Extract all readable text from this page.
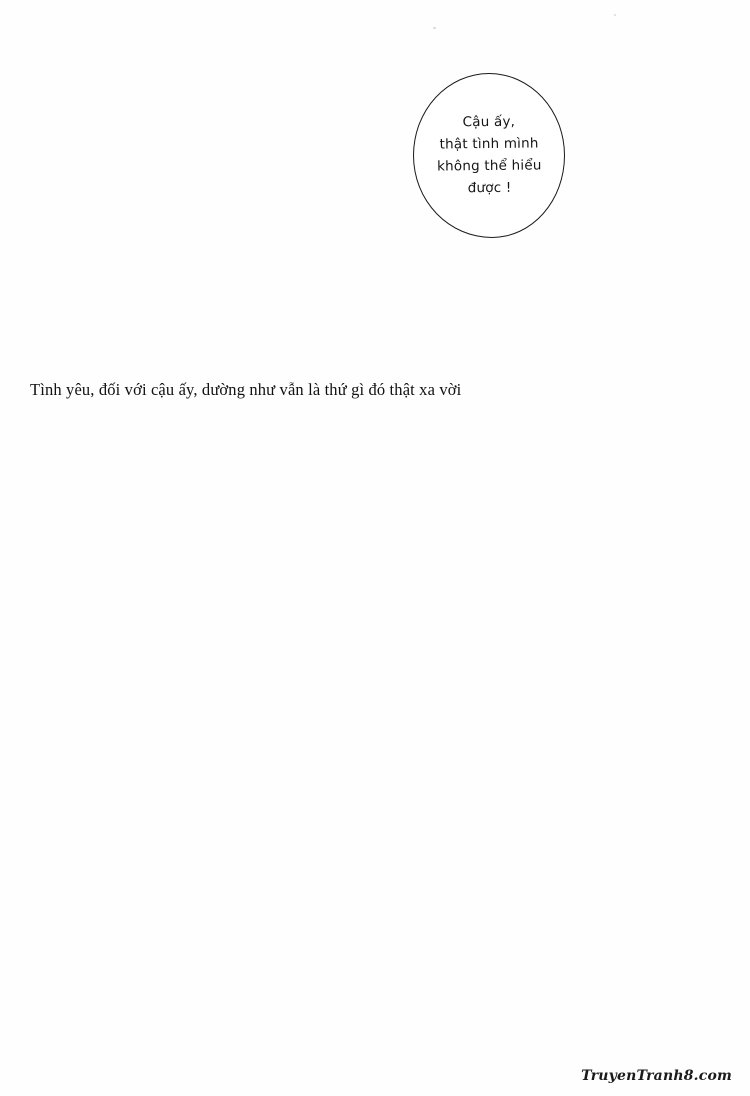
Cậu ấy,
thật tình mình
không thể hiểu
được !
Tình yêu, đối với cậu ấy, dường như vẫn là thứ gì đó thật xa vời
TruyenTranh8.com
